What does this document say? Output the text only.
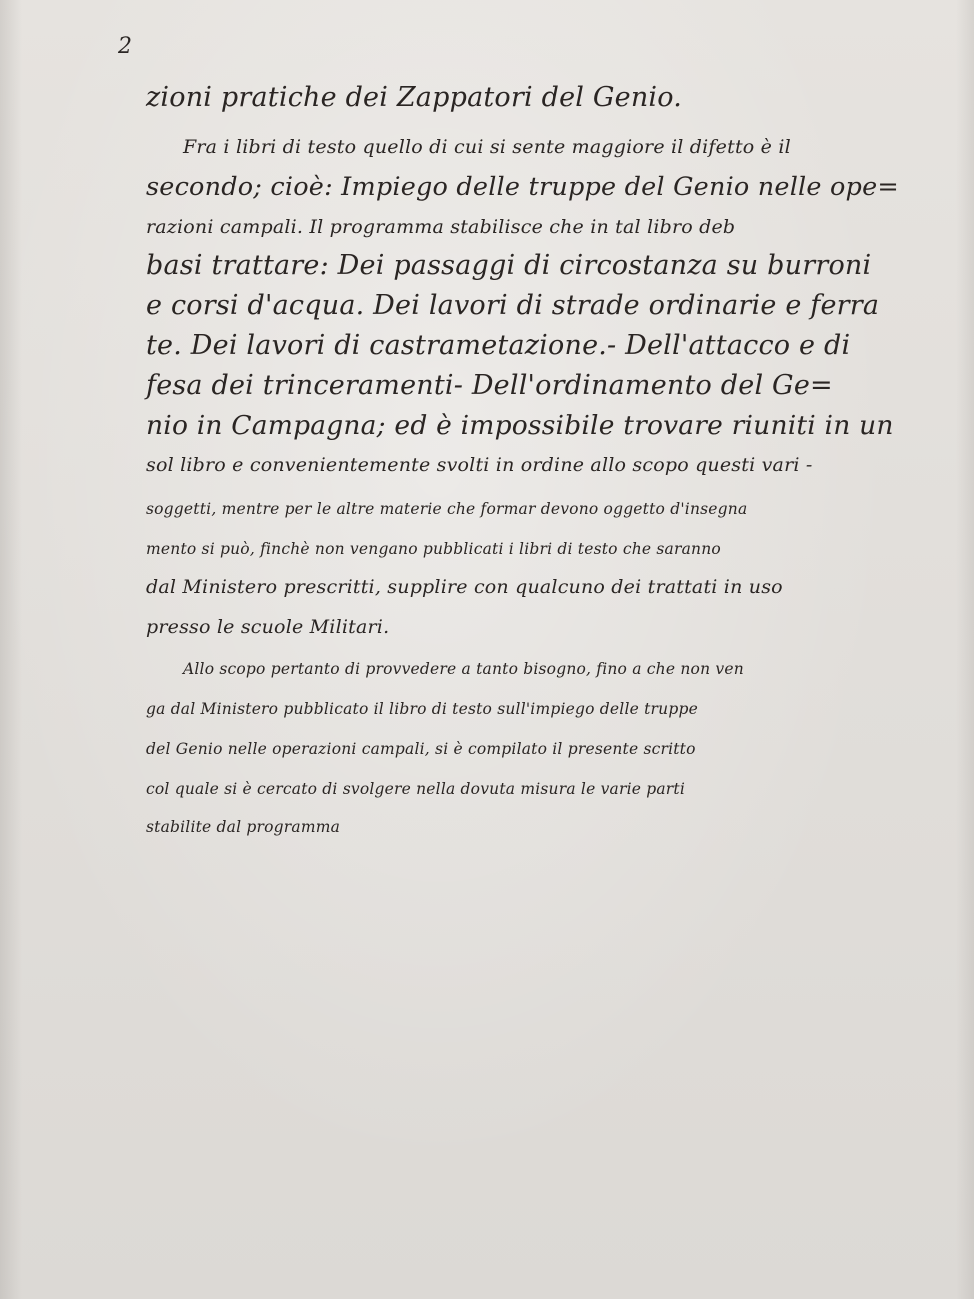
2
zioni pratiche dei Zappatori del Genio.
Fra i libri di testo quello di cui si sente maggiore il difetto è il
secondo; cioè: Impiego delle truppe del Genio nelle ope=
razioni campali. Il programma stabilisce che in tal libro deb
basi trattare: Dei passaggi di circostanza su burroni
e corsi d'acqua. Dei lavori di strade ordinarie e ferra
te. Dei lavori di castrametazione.- Dell'attacco e di
fesa dei trinceramenti- Dell'ordinamento del Ge=
nio in Campagna; ed è impossibile trovare riuniti in un
sol libro e convenientemente svolti in ordine allo scopo questi vari -
soggetti, mentre per le altre materie che formar devono oggetto d'insegna
mento si può, finchè non vengano pubblicati i libri di testo che saranno
dal Ministero prescritti, supplire con qualcuno dei trattati in uso
presso le scuole Militari.
Allo scopo pertanto di provvedere a tanto bisogno, fino a che non ven
ga dal Ministero pubblicato il libro di testo sull'impiego delle truppe
del Genio nelle operazioni campali, si è compilato il presente scritto
col quale si è cercato di svolgere nella dovuta misura le varie parti
stabilite dal programma
